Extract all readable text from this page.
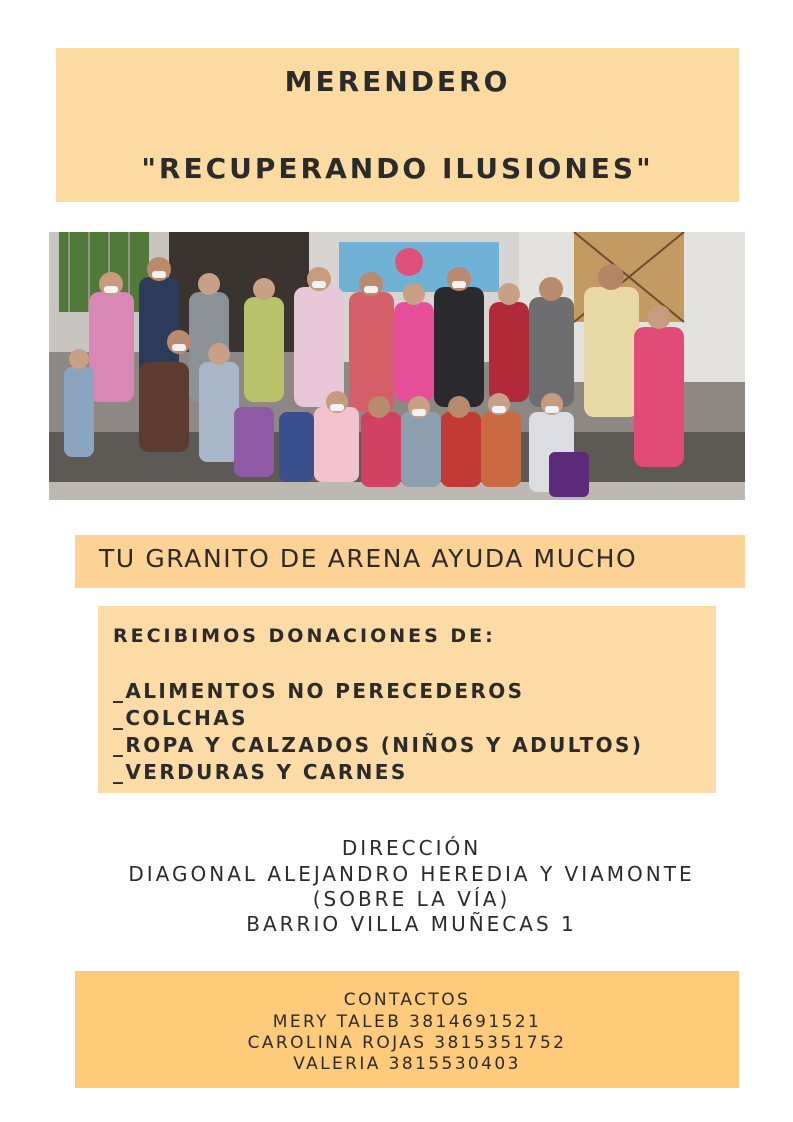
MERENDERO
"RECUPERANDO ILUSIONES"
TU GRANITO DE ARENA AYUDA MUCHO
RECIBIMOS DONACIONES DE:
_ALIMENTOS NO PERECEDEROS
_COLCHAS
_ROPA Y CALZADOS (NIÑOS Y ADULTOS)
_VERDURAS Y CARNES
DIRECCIÓN
DIAGONAL ALEJANDRO HEREDIA Y VIAMONTE
(SOBRE LA VÍA)
BARRIO VILLA MUÑECAS 1
CONTACTOS
MERY TALEB 3814691521
CAROLINA ROJAS 3815351752
VALERIA 3815530403
